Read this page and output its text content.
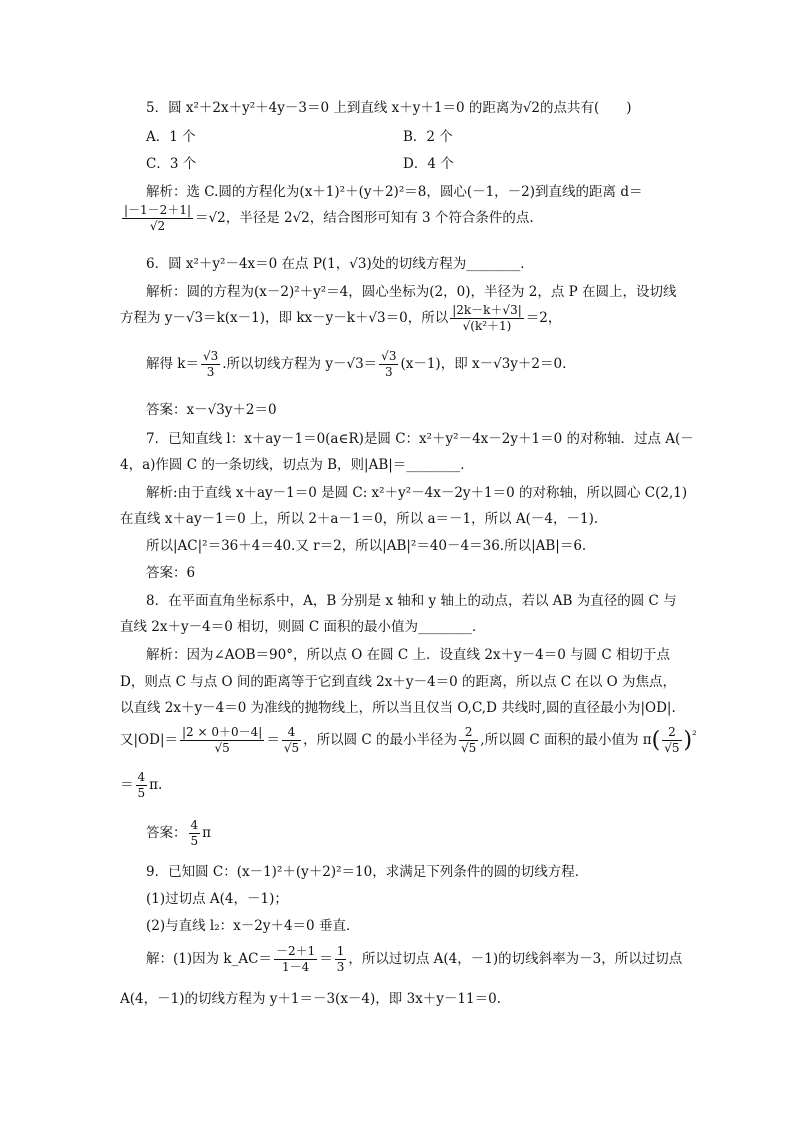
5．圆 x²＋2x＋y²＋4y－3＝0 上到直线 x＋y＋1＝0 的距离为√2的点共有(　　)
A．1 个	B．2 个
C．3 个	D．4 个
解析：选 C.圆的方程化为(x＋1)²＋(y＋2)²＝8，圆心(－1，－2)到直线的距离 d＝
$\frac{|-1-2+1|}{√2} =√2$，半径是 2√2，结合图形可知有 3 个符合条件的点.
6．圆 x²＋y²－4x＝0 在点 P(1，√3)处的切线方程为________．
解析：圆的方程为(x－2)²＋y²＝4，圆心坐标为(2，0)，半径为 2，点 P 在圆上，设切线
方程为 y－√3＝k(x－1)，即 kx－y－k＋√3＝0，所以 $\frac{|2k-k+√3|}{\text{√(k²＋1)}} =2$，
解得 $k= \frac{√3}{3}$ .所以切线方程为 $y-√3= \frac{√3}{3} (x-1)$，即 x－√3y＋2＝0.
答案：x－√3y＋2＝0
7．已知直线 l：x＋ay－1＝0(a∈R)是圆 C：x²＋y²－4x－2y＋1＝0 的对称轴．过点 A(－
4，a)作圆 C 的一条切线，切点为 B，则|AB|＝________．
解析:由于直线 x＋ay－1＝0 是圆 C: x²＋y²－4x－2y＋1＝0 的对称轴，所以圆心 C(2,1)
在直线 x＋ay－1＝0 上，所以 2＋a－1＝0，所以 a＝－1，所以 A(－4，－1).
所以|AC|²＝36＋4＝40.又 r＝2，所以|AB|²＝40－4＝36.所以|AB|＝6.
答案：6
8．在平面直角坐标系中，A，B 分别是 x 轴和 y 轴上的动点，若以 AB 为直径的圆 C 与
直线 2x＋y－4＝0 相切，则圆 C 面积的最小值为________．
解析：因为∠AOB＝90°，所以点 O 在圆 C 上．设直线 2x＋y－4＝0 与圆 C 相切于点
D，则点 C 与点 O 间的距离等于它到直线 2x＋y－4＝0 的距离，所以点 C 在以 O 为焦点，
以直线 2x＋y－4＝0 为准线的抛物线上，所以当且仅当 O,C,D 共线时,圆的直径最小为|OD|.
又$|OD|= \frac{|2 \times 0+0-4|}{√5} = \frac{4}{√5}$ ，所以圆 C 的最小半径为 $\frac{2}{√5}$ ,所以圆 C 面积的最小值为 $\pi( \frac{2}{√5} )^{^2}$
＝ $\frac{4}{5} \pi$.
答案： $\frac{4}{5}$ π
9．已知圆 C：(x－1)²＋(y＋2)²＝10，求满足下列条件的圆的切线方程．
(1)过切点 A(4，－1)；
(2)与直线 l₂：x－2y＋4＝0 垂直．
解：(1)因为 k_AC＝ $\frac{-2+1}{1-4} = \frac{1}{3}$ ，所以过切点 A(4，－1)的切线斜率为－3，所以过切点
A(4，－1)的切线方程为 y＋1＝－3(x－4)，即 3x＋y－11＝0.
